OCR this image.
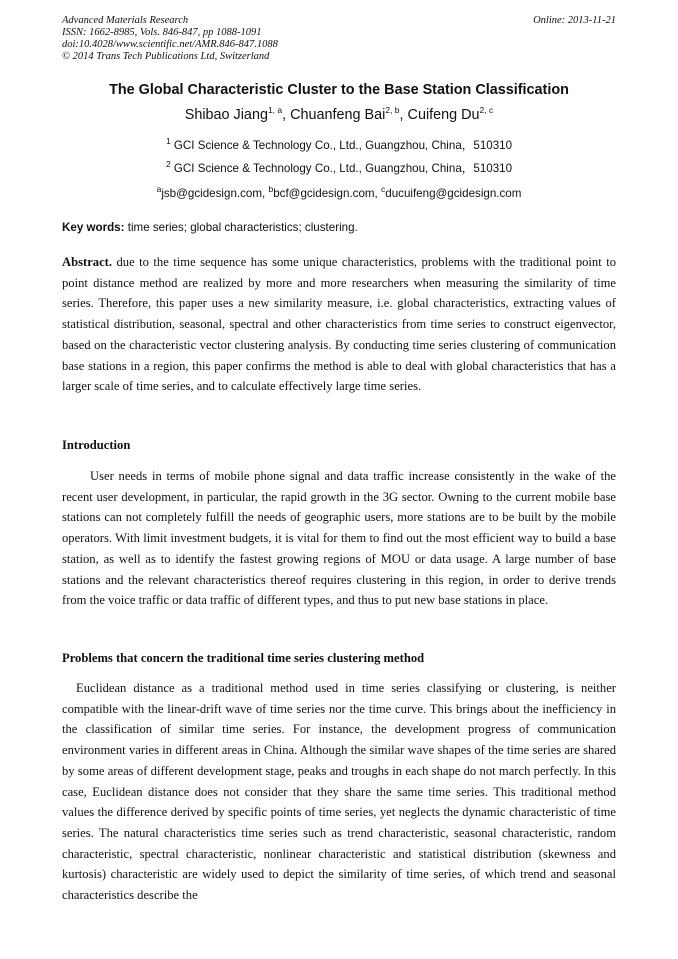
Advanced Materials Research
ISSN: 1662-8985, Vols. 846-847, pp 1088-1091
doi:10.4028/www.scientific.net/AMR.846-847.1088
© 2014 Trans Tech Publications Ltd, Switzerland
Online: 2013-11-21
The Global Characteristic Cluster to the Base Station Classification
Shibao Jiang$^{1, a}$, Chuanfeng Bai$^{2, b}$, Cuifeng Du$^{2, c}$
$^1$ GCI Science & Technology Co., Ltd., Guangzhou, China，510310
$^2$ GCI Science & Technology Co., Ltd., Guangzhou, China，510310
$^a$jsb@gcidesign.com, $^b$bcf@gcidesign.com, $^c$ducuifeng@gcidesign.com
Key words: time series; global characteristics; clustering.
Abstract. due to the time sequence has some unique characteristics, problems with the traditional point to point distance method are realized by more and more researchers when measuring the similarity of time series. Therefore, this paper uses a new similarity measure, i.e. global characteristics, extracting values of statistical distribution, seasonal, spectral and other characteristics from time series to construct eigenvector, based on the characteristic vector clustering analysis. By conducting time series clustering of communication base stations in a region, this paper confirms the method is able to deal with global characteristics that has a larger scale of time series, and to calculate effectively large time series.
Introduction
User needs in terms of mobile phone signal and data traffic increase consistently in the wake of the recent user development, in particular, the rapid growth in the 3G sector. Owning to the current mobile base stations can not completely fulfill the needs of geographic users, more stations are to be built by the mobile operators. With limit investment budgets, it is vital for them to find out the most efficient way to build a base station, as well as to identify the fastest growing regions of MOU or data usage. A large number of base stations and the relevant characteristics thereof requires clustering in this region, in order to derive trends from the voice traffic or data traffic of different types, and thus to put new base stations in place.
Problems that concern the traditional time series clustering method
Euclidean distance as a traditional method used in time series classifying or clustering, is neither compatible with the linear-drift wave of time series nor the time curve. This brings about the inefficiency in the classification of similar time series. For instance, the development progress of communication environment varies in different areas in China. Although the similar wave shapes of the time series are shared by some areas of different development stage, peaks and troughs in each shape do not march perfectly. In this case, Euclidean distance does not consider that they share the same time series. This traditional method values the difference derived by specific points of time series, yet neglects the dynamic characteristic of time series. The natural characteristics time series such as trend characteristic, seasonal characteristic, random characteristic, spectral characteristic, nonlinear characteristic and statistical distribution (skewness and kurtosis) characteristic are widely used to depict the similarity of time series, of which trend and seasonal characteristics describe the
